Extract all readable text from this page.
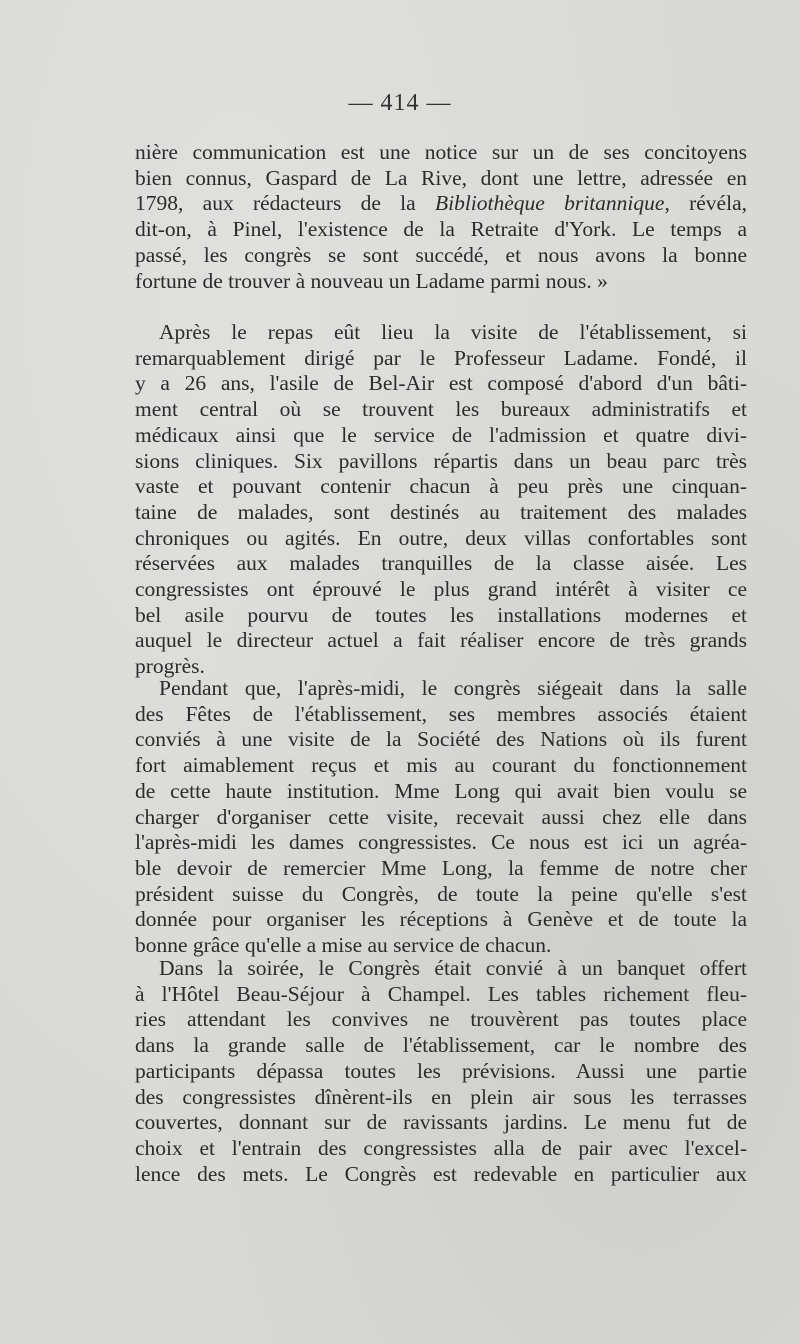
— 414 —
nière communication est une notice sur un de ses concitoyens
bien connus, Gaspard de La Rive, dont une lettre, adressée en
1798, aux rédacteurs de la Bibliothèque britannique, révéla,
dit-on, à Pinel, l'existence de la Retraite d'York. Le temps a
passé, les congrès se sont succédé, et nous avons la bonne
fortune de trouver à nouveau un Ladame parmi nous. »
Après le repas eût lieu la visite de l'établissement, si
remarquablement dirigé par le Professeur Ladame. Fondé, il
y a 26 ans, l'asile de Bel-Air est composé d'abord d'un bâti-
ment central où se trouvent les bureaux administratifs et
médicaux ainsi que le service de l'admission et quatre divi-
sions cliniques. Six pavillons répartis dans un beau parc très
vaste et pouvant contenir chacun à peu près une cinquan-
taine de malades, sont destinés au traitement des malades
chroniques ou agités. En outre, deux villas confortables sont
réservées aux malades tranquilles de la classe aisée. Les
congressistes ont éprouvé le plus grand intérêt à visiter ce
bel asile pourvu de toutes les installations modernes et
auquel le directeur actuel a fait réaliser encore de très grands
progrès.
Pendant que, l'après-midi, le congrès siégeait dans la salle
des Fêtes de l'établissement, ses membres associés étaient
conviés à une visite de la Société des Nations où ils furent
fort aimablement reçus et mis au courant du fonctionnement
de cette haute institution. Mme Long qui avait bien voulu se
charger d'organiser cette visite, recevait aussi chez elle dans
l'après-midi les dames congressistes. Ce nous est ici un agréa-
ble devoir de remercier Mme Long, la femme de notre cher
président suisse du Congrès, de toute la peine qu'elle s'est
donnée pour organiser les réceptions à Genève et de toute la
bonne grâce qu'elle a mise au service de chacun.
Dans la soirée, le Congrès était convié à un banquet offert
à l'Hôtel Beau-Séjour à Champel. Les tables richement fleu-
ries attendant les convives ne trouvèrent pas toutes place
dans la grande salle de l'établissement, car le nombre des
participants dépassa toutes les prévisions. Aussi une partie
des congressistes dînèrent-ils en plein air sous les terrasses
couvertes, donnant sur de ravissants jardins. Le menu fut de
choix et l'entrain des congressistes alla de pair avec l'excel-
lence des mets. Le Congrès est redevable en particulier aux
